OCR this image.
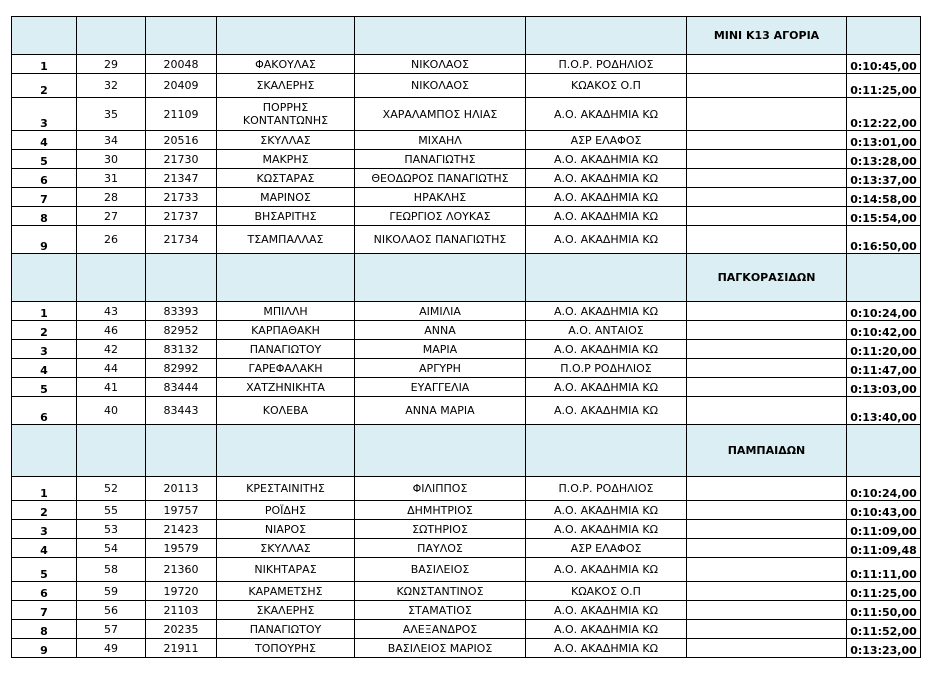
						ΜΙΝΙ Κ13 ΑΓΟΡΙΑ	
1	29	20048	ΦΑΚΟΥΛΑΣ	ΝΙΚΟΛΑΟΣ	Π.Ο.Ρ. ΡΟΔΗΛΙΟΣ		0:10:45,00
2	32	20409	ΣΚΑΛΕΡΗΣ	ΝΙΚΟΛΑΟΣ	ΚΩΑΚΟΣ Ο.Π		0:11:25,00
3	35	21109	ΠΟΡΡΗΣ ΚΟΝΤΑΝΤΩΝΗΣ	ΧΑΡΑΛΑΜΠΟΣ ΗΛΙΑΣ	Α.Ο. ΑΚΑΔΗΜΙΑ ΚΩ		0:12:22,00
4	34	20516	ΣΚΥΛΛΑΣ	ΜΙΧΑΗΛ	ΑΣΡ ΕΛΑΦΟΣ		0:13:01,00
5	30	21730	ΜΑΚΡΗΣ	ΠΑΝΑΓΙΩΤΗΣ	Α.Ο. ΑΚΑΔΗΜΙΑ ΚΩ		0:13:28,00
6	31	21347	ΚΩΣΤΑΡΑΣ	ΘΕΟΔΩΡΟΣ ΠΑΝΑΓΙΩΤΗΣ	Α.Ο. ΑΚΑΔΗΜΙΑ ΚΩ		0:13:37,00
7	28	21733	ΜΑΡΙΝΟΣ	ΗΡΑΚΛΗΣ	Α.Ο. ΑΚΑΔΗΜΙΑ ΚΩ		0:14:58,00
8	27	21737	ΒΗΣΑΡΙΤΗΣ	ΓΕΩΡΓΙΟΣ ΛΟΥΚΑΣ	Α.Ο. ΑΚΑΔΗΜΙΑ ΚΩ		0:15:54,00
9	26	21734	ΤΣΑΜΠΑΛΛΑΣ	ΝΙΚΟΛΑΟΣ ΠΑΝΑΓΙΩΤΗΣ	Α.Ο. ΑΚΑΔΗΜΙΑ ΚΩ		0:16:50,00
						ΠΑΓΚΟΡΑΣΙΔΩΝ	
1	43	83393	ΜΠΙΛΛΗ	ΑΙΜΙΛΙΑ	Α.Ο. ΑΚΑΔΗΜΙΑ ΚΩ		0:10:24,00
2	46	82952	ΚΑΡΠΑΘΑΚΗ	ΑΝΝΑ	Α.Ο. ΑΝΤΑΙΟΣ		0:10:42,00
3	42	83132	ΠΑΝΑΓΙΩΤΟΥ	ΜΑΡΙΑ	Α.Ο. ΑΚΑΔΗΜΙΑ ΚΩ		0:11:20,00
4	44	82992	ΓΑΡΕΦΑΛΑΚΗ	ΑΡΓΥΡΗ	Π.Ο.Ρ ΡΟΔΗΛΙΟΣ		0:11:47,00
5	41	83444	ΧΑΤΖΗΝΙΚΗΤΑ	ΕΥΑΓΓΕΛΙΑ	Α.Ο. ΑΚΑΔΗΜΙΑ ΚΩ		0:13:03,00
6	40	83443	ΚΟΛΕΒΑ	ΑΝΝΑ ΜΑΡΙΑ	Α.Ο. ΑΚΑΔΗΜΙΑ ΚΩ		0:13:40,00
						ΠΑΜΠΑΙΔΩΝ	
1	52	20113	ΚΡΕΣΤΑΙΝΙΤΗΣ	ΦΙΛΙΠΠΟΣ	Π.Ο.Ρ. ΡΟΔΗΛΙΟΣ		0:10:24,00
2	55	19757	ΡΟΪΔΗΣ	ΔΗΜΗΤΡΙΟΣ	Α.Ο. ΑΚΑΔΗΜΙΑ ΚΩ		0:10:43,00
3	53	21423	ΝΙΑΡΟΣ	ΣΩΤΗΡΙΟΣ	Α.Ο. ΑΚΑΔΗΜΙΑ ΚΩ		0:11:09,00
4	54	19579	ΣΚΥΛΛΑΣ	ΠΑΥΛΟΣ	ΑΣΡ ΕΛΑΦΟΣ		0:11:09,48
5	58	21360	ΝΙΚΗΤΑΡΑΣ	ΒΑΣΙΛΕΙΟΣ	Α.Ο. ΑΚΑΔΗΜΙΑ ΚΩ		0:11:11,00
6	59	19720	ΚΑΡΑΜΕΤΣΗΣ	ΚΩΝΣΤΑΝΤΙΝΟΣ	ΚΩΑΚΟΣ Ο.Π		0:11:25,00
7	56	21103	ΣΚΑΛΕΡΗΣ	ΣΤΑΜΑΤΙΟΣ	Α.Ο. ΑΚΑΔΗΜΙΑ ΚΩ		0:11:50,00
8	57	20235	ΠΑΝΑΓΙΩΤΟΥ	ΑΛΕΞΑΝΔΡΟΣ	Α.Ο. ΑΚΑΔΗΜΙΑ ΚΩ		0:11:52,00
9	49	21911	ΤΟΠΟΥΡΗΣ	ΒΑΣΙΛΕΙΟΣ ΜΑΡΙΟΣ	Α.Ο. ΑΚΑΔΗΜΙΑ ΚΩ		0:13:23,00
